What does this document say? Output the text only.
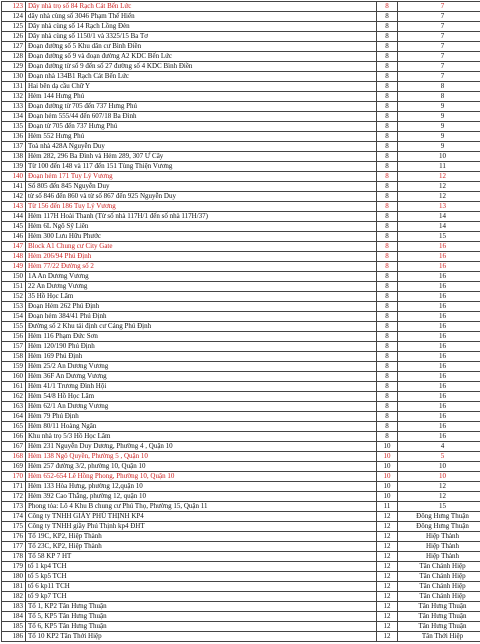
123	Dãy nhà trọ số 84 Rạch Cát Bến Lức	8	7
124	dãy nhà cùng số 3046 Phạm Thế Hiển	8	7
125	Dãy nhà cùng số 14 Rạch Lồng Đèn	8	7
126	Dãy nhà cùng số 1150/1 và 3325/15 Ba Tơ	8	7
127	Đoạn đường số 5 Khu dân cư Bình Điền	8	7
128	Đoạn đường số 9 và đoạn đường A2 KDC Bến Lức	8	7
129	Đoạn đường từ số 9 đến số 27 đường số 4 KDC Bình Điền	8	7
130	Đoạn nhà 134B1 Rạch Cát Bến Lức	8	7
131	Hai bên dạ cầu Chữ Y	8	8
132	Hẻm 144 Hưng Phú	8	8
133	Đoạn đường từ 705 đến 737 Hưng Phú	8	9
134	Đoạn hẻm 555/44 đến 607/18 Ba Đình	8	9
135	Đoạn từ 705 đến 737 Hưng Phú	8	9
136	Hẻm 552 Hưng Phú	8	9
137	Toà nhà 428A Nguyễn Duy	8	9
138	Hẻm 282, 296 Ba Đình và Hẻm 289, 307 Ư Cây	8	10
139	Từ 100 đến 148 và 117 đến 151 Tùng Thiện Vương	8	11
140	Đoạn hẻm 171 Tuy Lý Vương	8	12
141	Số 805 đến 845 Nguyễn Duy	8	12
142	từ số 846 đến 860 và từ số 867 đến 925 Nguyễn Duy	8	12
143	Từ 156 đến 186 Tuy Lý Vương	8	13
144	Hẻm 117H Hoài Thanh (Từ số nhà 117H/1 đến số nhà 117H/37)	8	14
145	Hẻm 6L Ngô Sỹ Liên	8	14
146	Hẻm 300 Lưu Hữu Phước	8	15
147	Block A1 Chung cư City Gate	8	16
148	Hẻm 206/94 Phú Định	8	16
149	Hẻm 77/22 Đường số 2	8	16
150	1A An Dương Vương	8	16
151	22 An Dương Vương	8	16
152	35 Hồ Học Lãm	8	16
153	Đoạn Hẻm 262 Phú Định	8	16
154	Đoạn hẻm 384/41 Phú Định	8	16
155	Đường số 2 Khu tái định cư Cảng Phú Định	8	16
156	Hẻm 116 Phạm Đức Sơn	8	16
157	Hẻm 120/190 Phú Định	8	16
158	Hẻm 169 Phú Định	8	16
159	Hẻm 25/2 An Dương Vương	8	16
160	Hẻm 36F An Dương Vương	8	16
161	Hẻm 41/1 Trương Đình Hội	8	16
162	Hẻm 54/8 Hồ Học Lãm	8	16
163	Hẻm 62/1 An Dương Vương	8	16
164	Hẻm 79 Phú Định	8	16
165	Hẻm 80/11 Hoàng Ngân	8	16
166	Khu nhà trọ 5/3 Hồ Học Lãm	8	16
167	Hẻm 231 Nguyễn Duy Dương, Phường 4 , Quận 10	10	4
168	Hẻm 138 Ngô Quyền, Phường 5 , Quận 10	10	5
169	Hẻm 257 đường 3/2, phường 10, Quận 10	10	10
170	Hẻm 652-654 Lê Hồng Phong, Phường 10, Quận 10	10	10
171	Hẻm 133 Hòa Hưng, phường 12,quận 10	10	12
172	Hẻm 392 Cao Thắng, phường 12, quận 10	10	12
173	Phong tỏa: Lô 4 Khu B chung cư Phú Thọ, Phường 15, Quận 11	11	15
174	Công ty TNHH GIÀY PHÚ THỊNH KP4	12	Đông Hưng Thuận
175	Công ty TNHH giầy Phú Thịnh kp4 ĐHT	12	Đông Hưng Thuận
176	Tổ 19C, KP2, Hiệp Thành	12	Hiệp Thành
177	Tổ 23C, KP2, Hiệp Thành	12	Hiệp Thành
178	Tổ 58 KP 7 HT	12	Hiệp Thành
179	tổ 1 kp4 TCH	12	Tân Chánh Hiệp
180	tổ 5 kp5 TCH	12	Tân Chánh Hiệp
181	tổ 6 kp11 TCH	12	Tân Chánh Hiệp
182	tổ 9 kp7 TCH	12	Tân Chánh Hiệp
183	Tổ 1, KP2 Tân Hưng Thuận	12	Tân Hưng Thuận
184	Tổ 5, KP5 Tân Hưng Thuận	12	Tân Hưng Thuận
185	Tổ 6, KP5 Tân Hưng Thuận	12	Tân Hưng Thuận
186	Tổ 10 KP2 Tân Thới Hiệp	12	Tân Thới Hiệp
